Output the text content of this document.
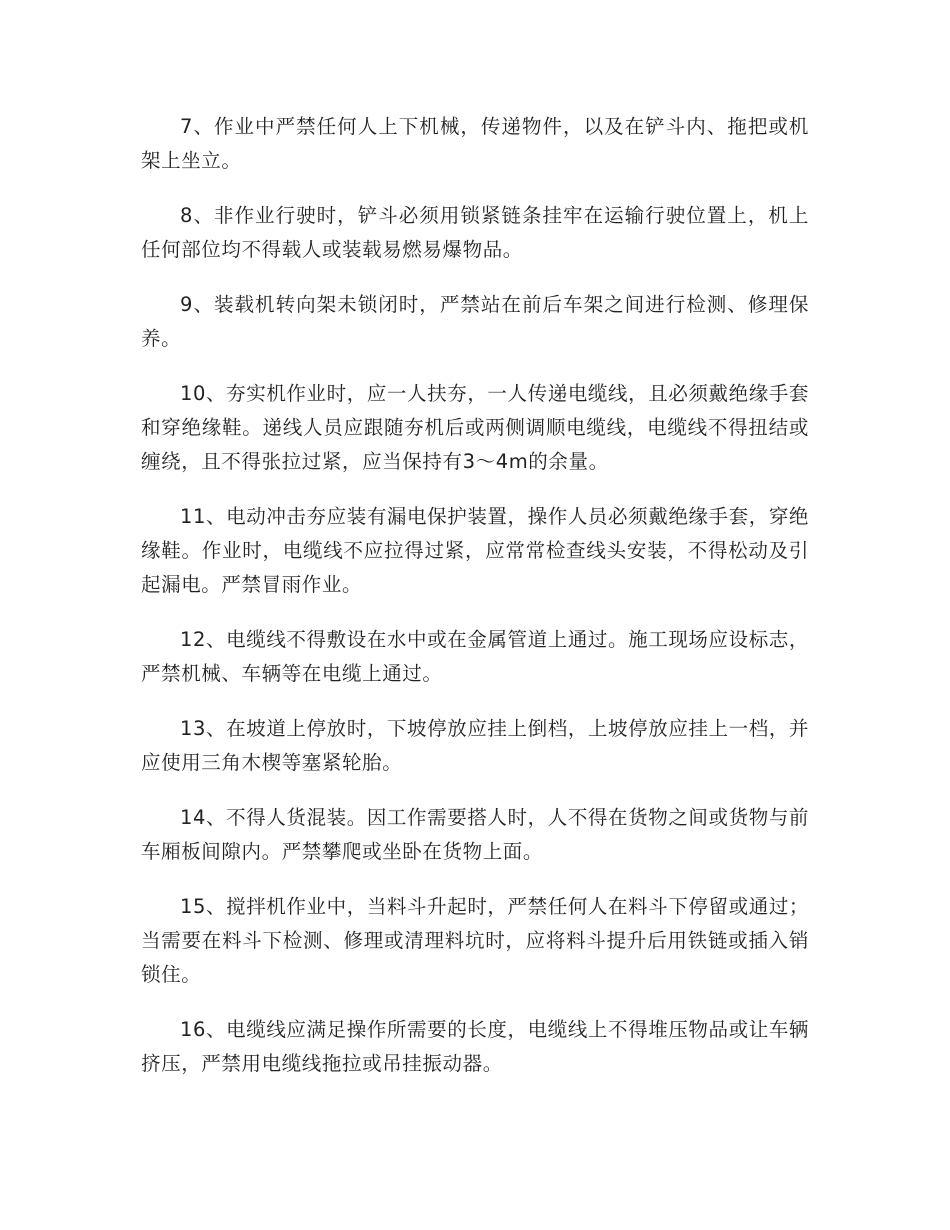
7、作业中严禁任何人上下机械，传递物件，以及在铲斗内、拖把或机架上坐立。

8、非作业行驶时，铲斗必须用锁紧链条挂牢在运输行驶位置上，机上任何部位均不得载人或装载易燃易爆物品。

9、装载机转向架未锁闭时，严禁站在前后车架之间进行检测、修理保养。

10、夯实机作业时，应一人扶夯，一人传递电缆线，且必须戴绝缘手套和穿绝缘鞋。递线人员应跟随夯机后或两侧调顺电缆线，电缆线不得扭结或缠绕，且不得张拉过紧，应当保持有3～4m的余量。

11、电动冲击夯应装有漏电保护装置，操作人员必须戴绝缘手套，穿绝缘鞋。作业时，电缆线不应拉得过紧，应常常检查线头安装，不得松动及引起漏电。严禁冒雨作业。

12、电缆线不得敷设在水中或在金属管道上通过。施工现场应设标志，严禁机械、车辆等在电缆上通过。

13、在坡道上停放时，下坡停放应挂上倒档，上坡停放应挂上一档，并应使用三角木楔等塞紧轮胎。

14、不得人货混装。因工作需要搭人时，人不得在货物之间或货物与前车厢板间隙内。严禁攀爬或坐卧在货物上面。

15、搅拌机作业中，当料斗升起时，严禁任何人在料斗下停留或通过；当需要在料斗下检测、修理或清理料坑时，应将料斗提升后用铁链或插入销锁住。

16、电缆线应满足操作所需要的长度，电缆线上不得堆压物品或让车辆挤压，严禁用电缆线拖拉或吊挂振动器。
